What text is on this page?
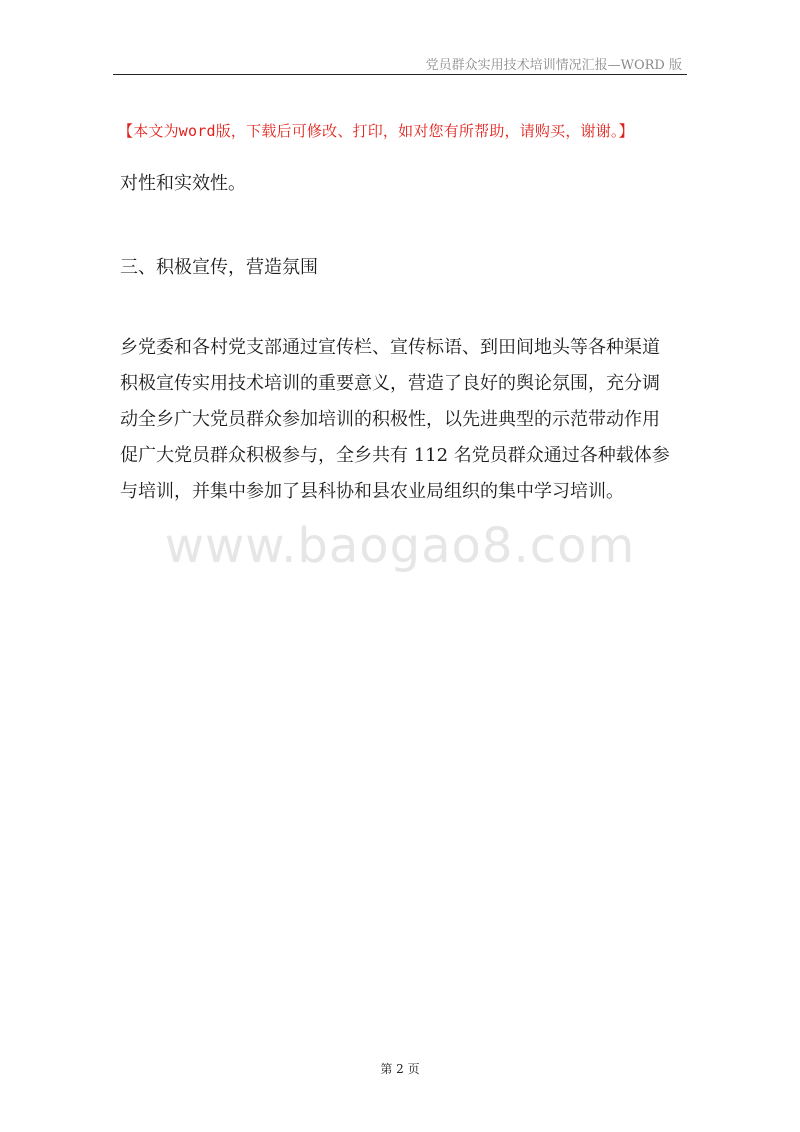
党员群众实用技术培训情况汇报—WORD 版
【本文为word版，下载后可修改、打印，如对您有所帮助，请购买，谢谢。】
对性和实效性。
三、积极宣传，营造氛围
乡党委和各村党支部通过宣传栏、宣传标语、到田间地头等各种渠道
积极宣传实用技术培训的重要意义，营造了良好的舆论氛围，充分调
动全乡广大党员群众参加培训的积极性，以先进典型的示范带动作用
促广大党员群众积极参与，全乡共有 112 名党员群众通过各种载体参
与培训，并集中参加了县科协和县农业局组织的集中学习培训。
www.baogao8.com
第 2 页
